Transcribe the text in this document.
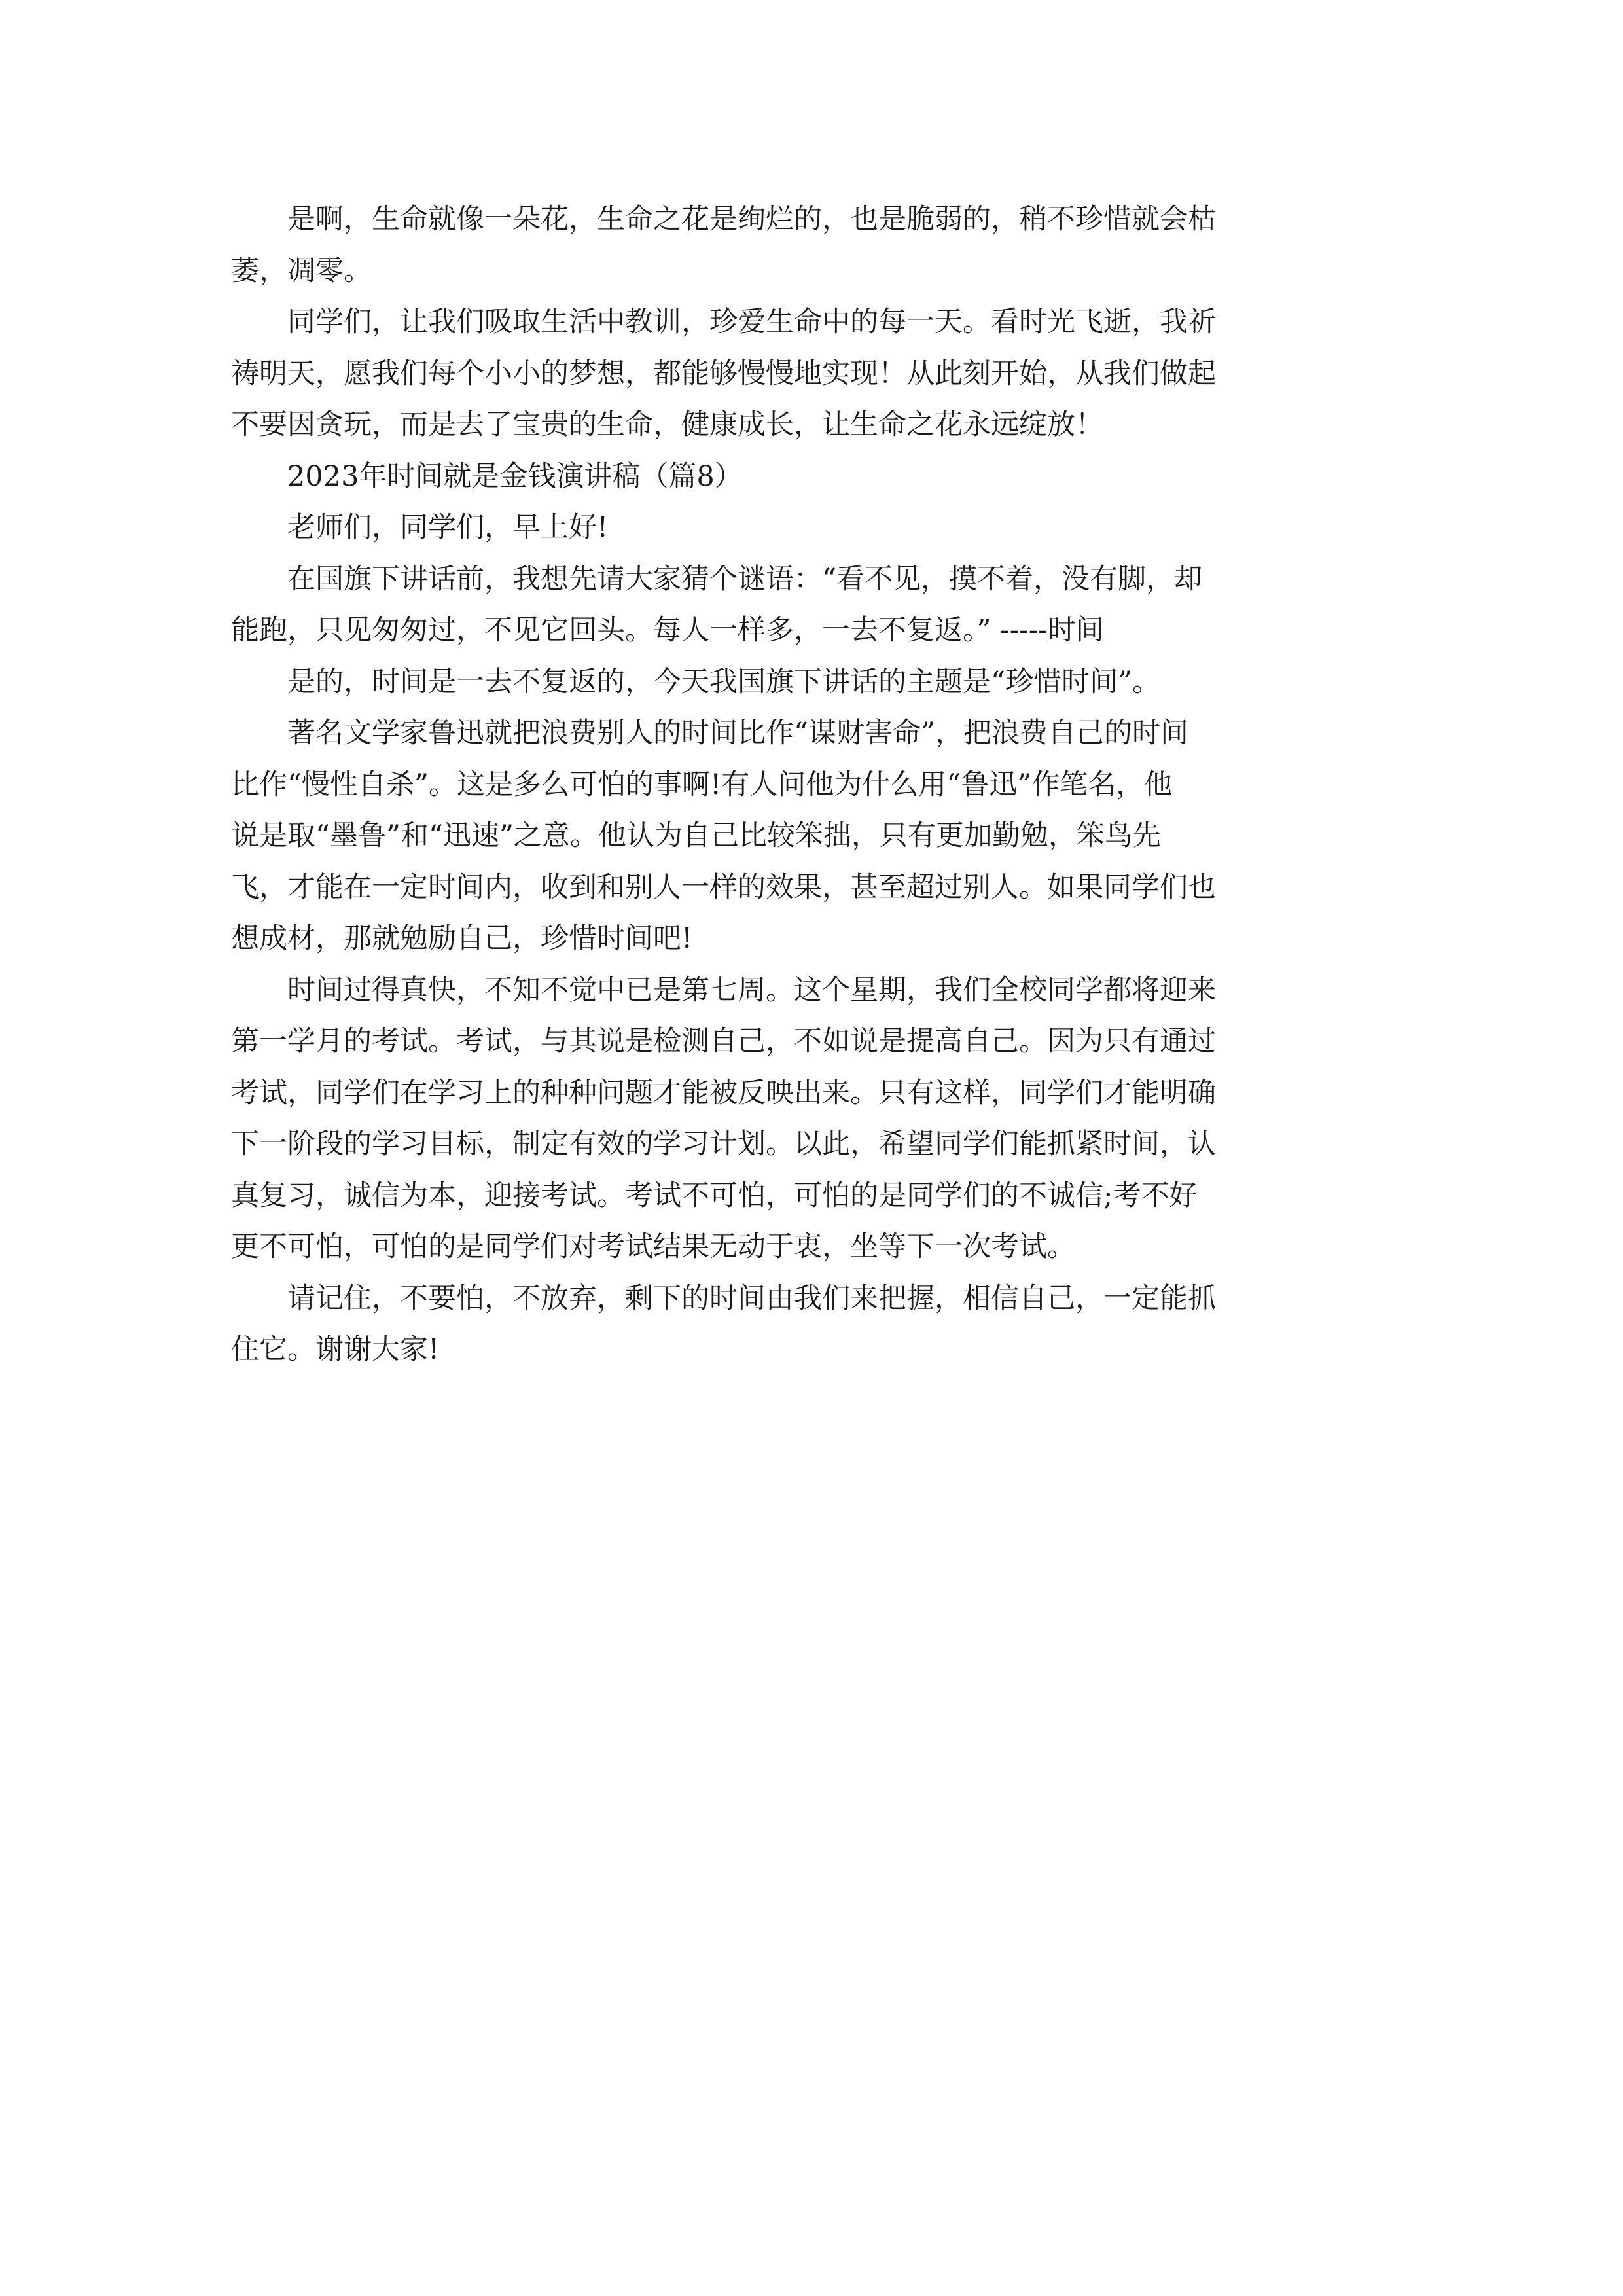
是啊，生命就像一朵花，生命之花是绚烂的，也是脆弱的，稍不珍惜就会枯
萎，凋零。

同学们，让我们吸取生活中教训，珍爱生命中的每一天。看时光飞逝，我祈
祷明天，愿我们每个小小的梦想，都能够慢慢地实现！从此刻开始，从我们做起
不要因贪玩，而是去了宝贵的生命，健康成长，让生命之花永远绽放！

2023年时间就是金钱演讲稿（篇8）

老师们，同学们，早上好!

在国旗下讲话前，我想先请大家猜个谜语：“看不见，摸不着，没有脚，却
能跑，只见匆匆过，不见它回头。每人一样多，一去不复返。” -----时间

是的，时间是一去不复返的，今天我国旗下讲话的主题是“珍惜时间”。

著名文学家鲁迅就把浪费别人的时间比作“谋财害命”，把浪费自己的时间
比作“慢性自杀”。这是多么可怕的事啊!有人问他为什么用“鲁迅”作笔名，他
说是取“墨鲁”和“迅速”之意。他认为自己比较笨拙，只有更加勤勉，笨鸟先
飞，才能在一定时间内，收到和别人一样的效果，甚至超过别人。如果同学们也
想成材，那就勉励自己，珍惜时间吧!

时间过得真快，不知不觉中已是第七周。这个星期，我们全校同学都将迎来
第一学月的考试。考试，与其说是检测自己，不如说是提高自己。因为只有通过
考试，同学们在学习上的种种问题才能被反映出来。只有这样，同学们才能明确
下一阶段的学习目标，制定有效的学习计划。以此，希望同学们能抓紧时间，认
真复习，诚信为本，迎接考试。考试不可怕，可怕的是同学们的不诚信;考不好
更不可怕，可怕的是同学们对考试结果无动于衷，坐等下一次考试。

请记住，不要怕，不放弃，剩下的时间由我们来把握，相信自己，一定能抓
住它。谢谢大家!
